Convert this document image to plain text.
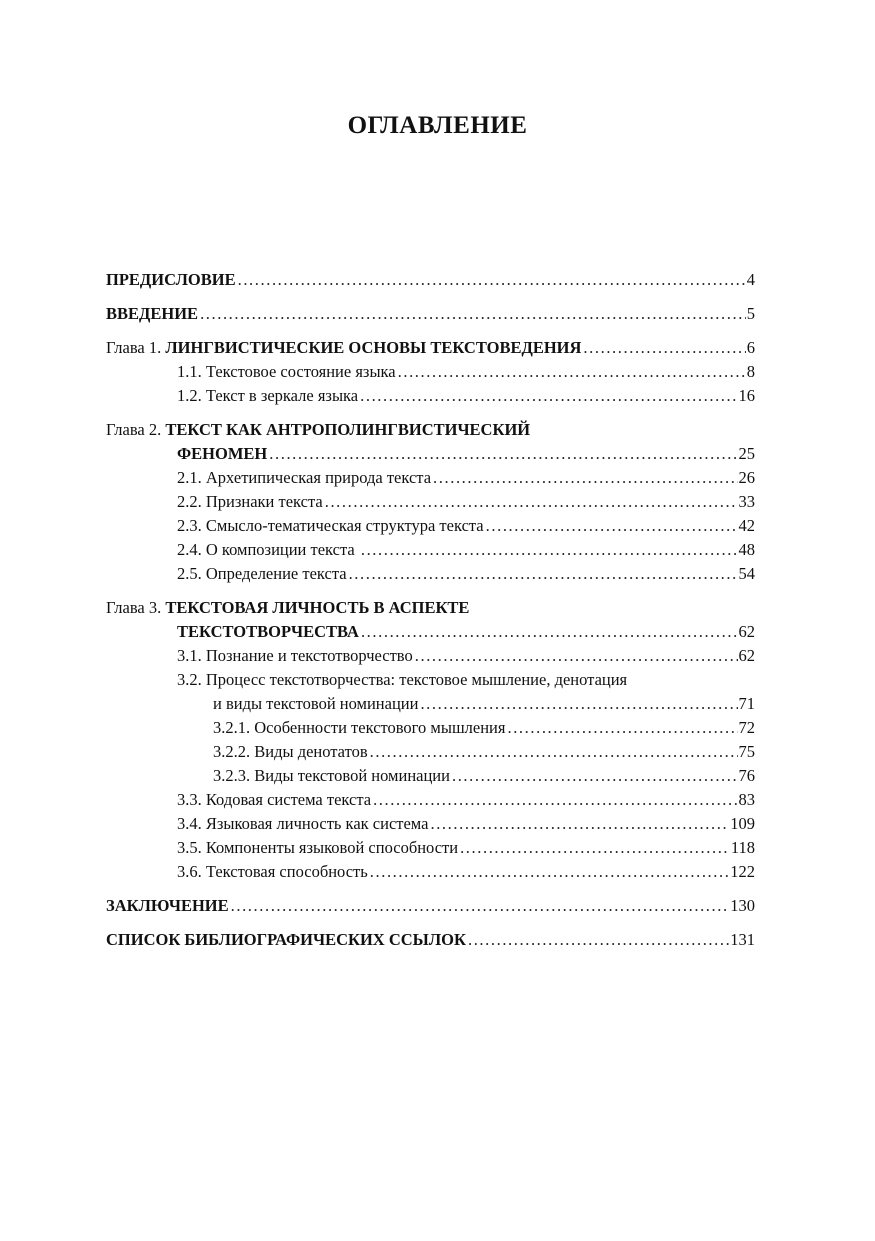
ОГЛАВЛЕНИЕ
ПРЕДИСЛОВИЕ .....	4
ВВЕДЕНИЕ .....	5
Глава 1. ЛИНГВИСТИЧЕСКИЕ ОСНОВЫ ТЕКСТОВЕДЕНИЯ .....	6
1.1. Текстовое состояние языка .....	8
1.2. Текст в зеркале языка .....	16
Глава 2. ТЕКСТ КАК АНТРОПОЛИНГВИСТИЧЕСКИЙ
ФЕНОМЕН .....	25
2.1. Архетипическая природа текста .....	26
2.2. Признаки текста .....	33
2.3. Смысло-тематическая структура текста .....	42
2.4. О композиции текста .....	48
2.5. Определение текста .....	54
Глава 3. ТЕКСТОВАЯ ЛИЧНОСТЬ В АСПЕКТЕ
ТЕКСТОТВОРЧЕСТВА .....	62
3.1. Познание и текстотворчество .....	62
3.2. Процесс текстотворчества: текстовое мышление, денотация
и виды текстовой номинации .....	71
3.2.1. Особенности текстового мышления .....	72
3.2.2. Виды денотатов .....	75
3.2.3. Виды текстовой номинации .....	76
3.3. Кодовая система текста .....	83
3.4. Языковая личность как система .....	109
3.5. Компоненты языковой способности .....	118
3.6. Текстовая способность .....	122
ЗАКЛЮЧЕНИЕ .....	130
СПИСОК БИБЛИОГРАФИЧЕСКИХ ССЫЛОК .....	131
